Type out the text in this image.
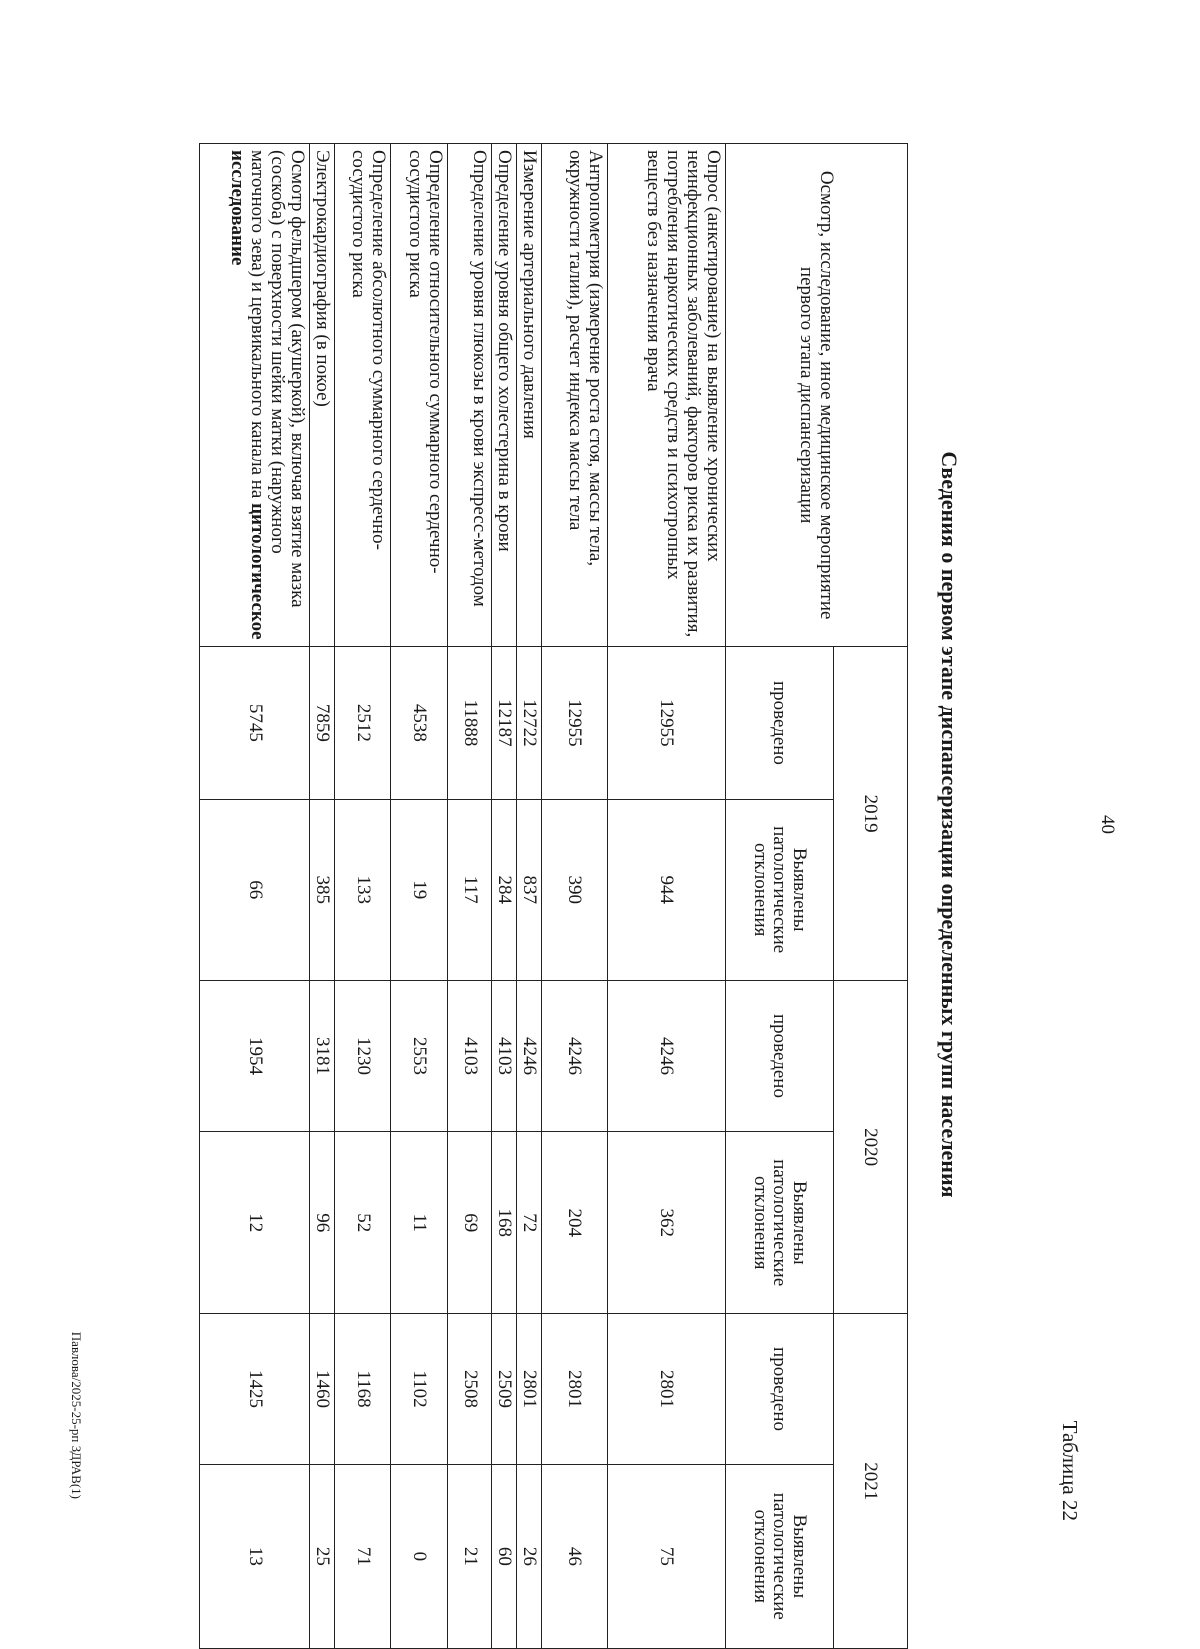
40
Таблица 22
Сведения о первом этапе диспансеризации определенных групп населения
Осмотр, исследование, иное медицинское мероприятие первого этапа диспансеризации	2019		2020		2021	
	проведено	Выявлены патологические отклонения	проведено	Выявлены патологические отклонения	проведено	Выявлены патологические отклонения
Опрос (анкетирование) на выявление хронических неинфекционных заболеваний, факторов риска их развития, потребления наркотических средств и психотропных веществ без назначения врача	12955	944	4246	362	2801	75
Антропометрия (измерение роста стоя, массы тела, окружности талии), расчет индекса массы тела	12955	390	4246	204	2801	46
Измерение артериального давления	12722	837	4246	72	2801	26
Определение уровня общего холестерина в крови	12187	284	4103	168	2509	60
Определение уровня глюкозы в крови экспресс-методом	11888	117	4103	69	2508	21
Определение относительного суммарного сердечно-сосудистого риска	4538	19	2553	11	1102	0
Определение абсолютного суммарного сердечно-сосудистого риска	2512	133	1230	52	1168	71
Электрокардиография (в покое)	7859	385	3181	96	1460	25
Осмотр фельдшером (акушеркой), включая взятие мазка (соскоба) с поверхности шейки матки (наружного маточного зева) и цервикального канала на цитологическое исследование	5745	66	1954	12	1425	13
Павлова/2025-25-рп ЗДРАВ(1)
